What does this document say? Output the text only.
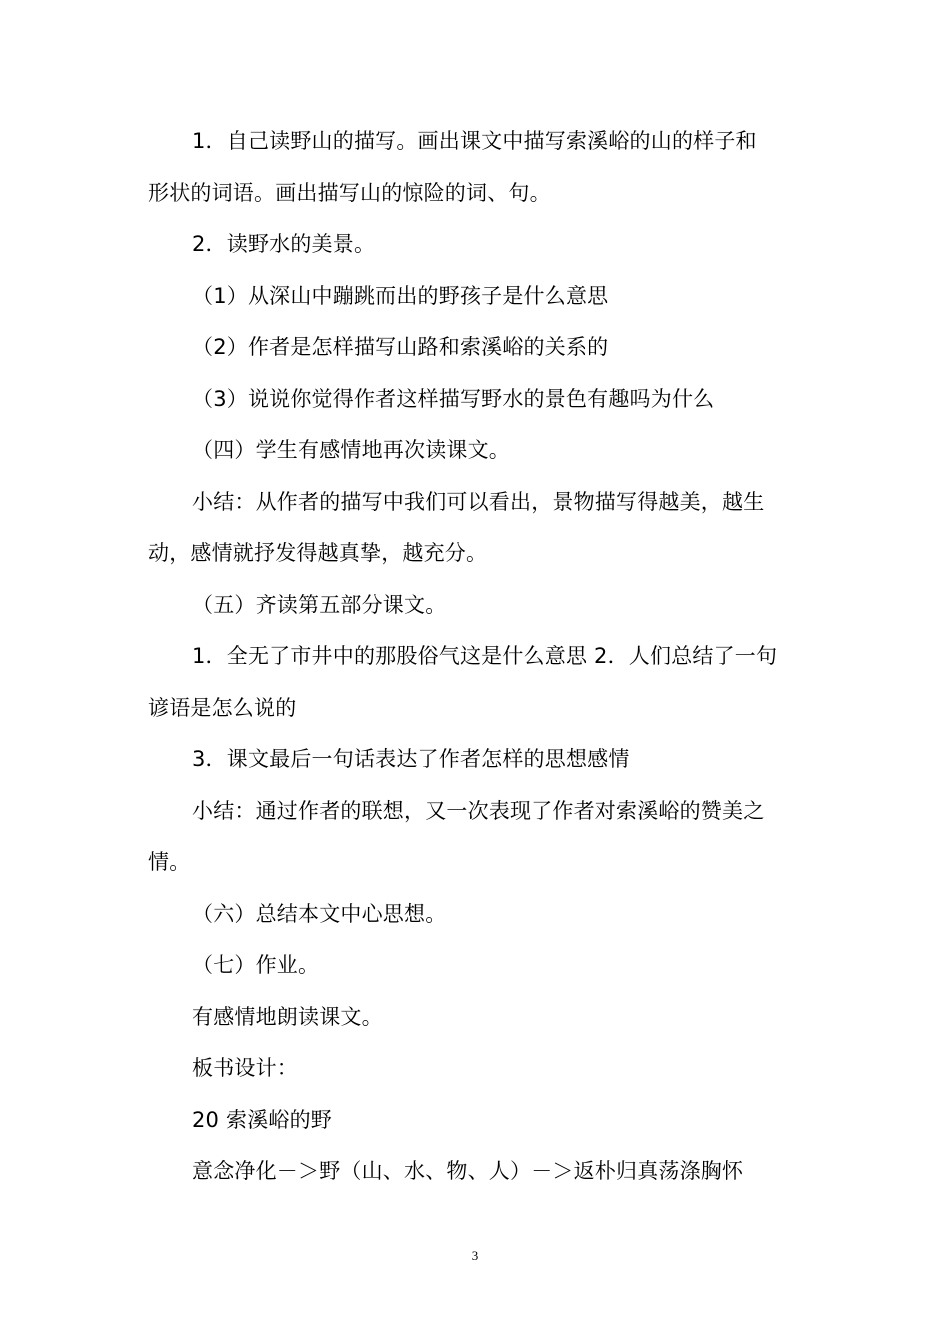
1．自己读野山的描写。画出课文中描写索溪峪的山的样子和
形状的词语。画出描写山的惊险的词、句。
2．读野水的美景。
（1）从深山中蹦跳而出的野孩子是什么意思
（2）作者是怎样描写山路和索溪峪的关系的
（3）说说你觉得作者这样描写野水的景色有趣吗为什么
（四）学生有感情地再次读课文。
小结：从作者的描写中我们可以看出，景物描写得越美，越生
动，感情就抒发得越真挚，越充分。
（五）齐读第五部分课文。
1．全无了市井中的那股俗气这是什么意思 2．人们总结了一句
谚语是怎么说的
3．课文最后一句话表达了作者怎样的思想感情
小结：通过作者的联想，又一次表现了作者对索溪峪的赞美之
情。
（六）总结本文中心思想。
（七）作业。
有感情地朗读课文。
板书设计：
20 索溪峪的野
意念净化－＞野（山、水、物、人）－＞返朴归真荡涤胸怀
3
